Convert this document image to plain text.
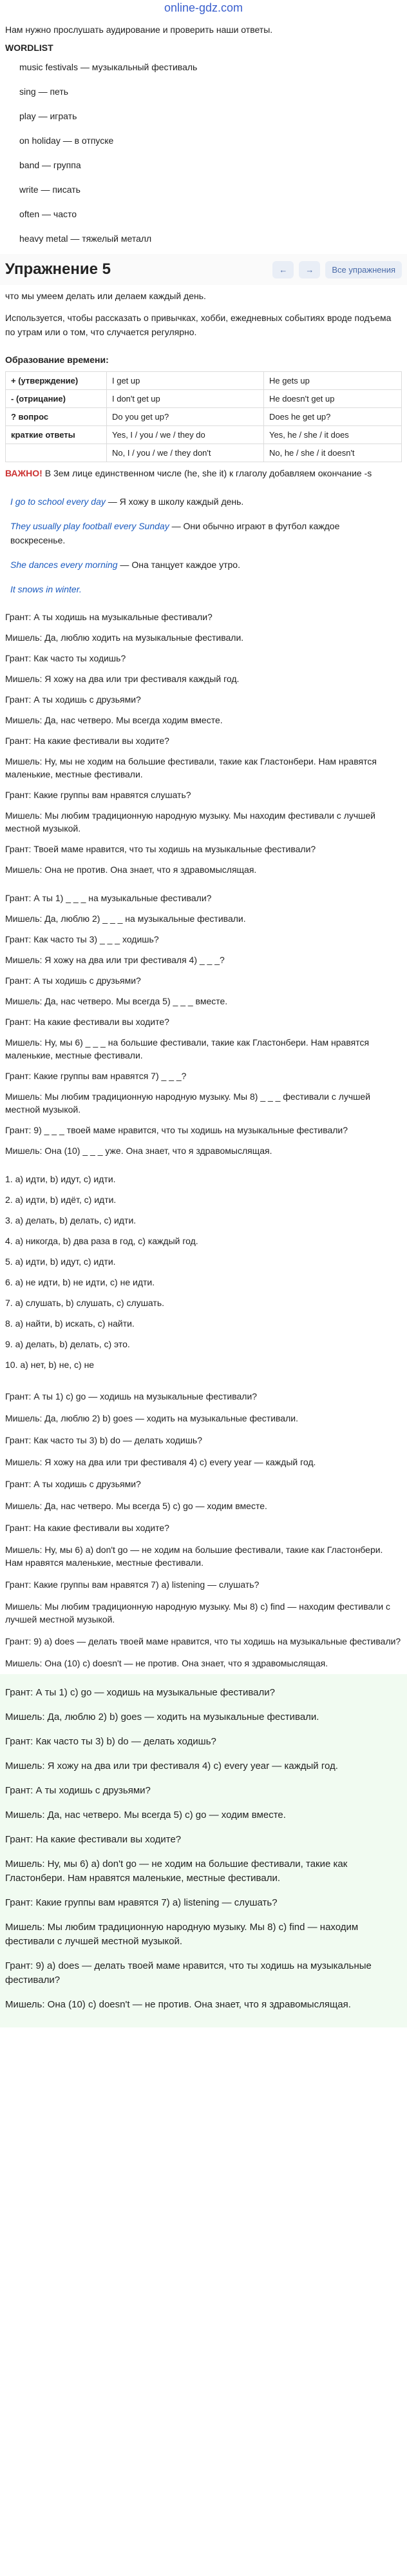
online-gdz.com
Нам нужно прослушать аудирование и проверить наши ответы.
WORDLIST
music festivals — музыкальный фестиваль
sing — петь
play — играть
on holiday — в отпуске
band — группа
write — писать
often — часто
heavy metal — тяжелый металл
Упражнение 5	←	→	Все упражнения
что мы умеем делать или делаем каждый день.
Используется, чтобы рассказать о привычках, хобби, ежедневных событиях вроде подъема по утрам или о том, что случается регулярно.
Образование времени:
+ (утверждение)	I get up	He gets up
- (отрицание)	I don't get up	He doesn't get up
? вопрос	Do you get up?	Does he get up?
краткие ответы	Yes, I / you / we / they do	Yes, he / she / it does
	No, I / you / we / they don't	No, he / she / it doesn't
ВАЖНО! В 3ем лице единственном числе (he, she it) к глаголу добавляем окончание -s
I go to school every day — Я хожу в школу каждый день.
They usually play football every Sunday — Они обычно играют в футбол каждое воскресенье.
She dances every morning — Она танцует каждое утро.
It snows in winter.
Грант: А ты ходишь на музыкальные фестивали?
Мишель: Да, люблю ходить на музыкальные фестивали.
Грант: Как часто ты ходишь?
Мишель: Я хожу на два или три фестиваля каждый год.
Грант: А ты ходишь с друзьями?
Мишель: Да, нас четверо. Мы всегда ходим вместе.
Грант: На какие фестивали вы ходите?
Мишель: Ну, мы не ходим на большие фестивали, такие как Гластонбери. Нам нравятся маленькие, местные фестивали.
Грант: Какие группы вам нравятся слушать?
Мишель: Мы любим традиционную народную музыку. Мы находим фестивали с лучшей местной музыкой.
Грант: Твоей маме нравится, что ты ходишь на музыкальные фестивали?
Мишель: Она не против. Она знает, что я здравомыслящая.
Грант: А ты 1) _ _ _ на музыкальные фестивали?
Мишель: Да, люблю 2) _ _ _ на музыкальные фестивали.
Грант: Как часто ты 3) _ _ _ ходишь?
Мишель: Я хожу на два или три фестиваля 4) _ _ _?
Грант: А ты ходишь с друзьями?
Мишель: Да, нас четверо. Мы всегда 5) _ _ _ вместе.
Грант: На какие фестивали вы ходите?
Мишель: Ну, мы 6) _ _ _ на большие фестивали, такие как Гластонбери. Нам нравятся маленькие, местные фестивали.
Грант: Какие группы вам нравятся 7) _ _ _?
Мишель: Мы любим традиционную народную музыку. Мы 8) _ _ _ фестивали с лучшей местной музыкой.
Грант: 9) _ _ _ твоей маме нравится, что ты ходишь на музыкальные фестивали?
Мишель: Она (10) _ _ _ уже. Она знает, что я здравомыслящая.
1. а) идти, b) идут, c) идти.
2. а) идти, b) идёт, c) идти.
3. а) делать, b) делать, c) идти.
4. а) никогда, b) два раза в год, c) каждый год.
5. а) идти, b) идут, c) идти.
6. а) не идти, b) не идти, c) не идти.
7. а) слушать, b) слушать, c) слушать.
8. а) найти, b) искать, c) найти.
9. а) делать, b) делать, c) это.
10. а) нет, b) не, c) не
Грант: А ты 1) c) go — ходишь на музыкальные фестивали?
Мишель: Да, люблю 2) b) goes — ходить на музыкальные фестивали.
Грант: Как часто ты 3) b) do — делать ходишь?
Мишель: Я хожу на два или три фестиваля 4) c) every year — каждый год.
Грант: А ты ходишь с друзьями?
Мишель: Да, нас четверо. Мы всегда 5) c) go — ходим вместе.
Грант: На какие фестивали вы ходите?
Мишель: Ну, мы 6) a) don't go — не ходим на большие фестивали, такие как Гластонбери. Нам нравятся маленькие, местные фестивали.
Грант: Какие группы вам нравятся 7) a) listening — слушать?
Мишель: Мы любим традиционную народную музыку. Мы 8) c) find — находим фестивали с лучшей местной музыкой.
Грант: 9) a) does — делать твоей маме нравится, что ты ходишь на музыкальные фестивали?
Мишель: Она (10) c) doesn't — не против. Она знает, что я здравомыслящая.
Грант: А ты 1) c) go — ходишь на музыкальные фестивали?
Мишель: Да, люблю 2) b) goes — ходить на музыкальные фестивали.
Грант: Как часто ты 3) b) do — делать ходишь?
Мишель: Я хожу на два или три фестиваля 4) c) every year — каждый год.
Грант: А ты ходишь с друзьями?
Мишель: Да, нас четверо. Мы всегда 5) c) go — ходим вместе.
Грант: На какие фестивали вы ходите?
Мишель: Ну, мы 6) a) don't go — не ходим на большие фестивали, такие как Гластонбери. Нам нравятся маленькие, местные фестивали.
Грант: Какие группы вам нравятся 7) a) listening — слушать?
Мишель: Мы любим традиционную народную музыку. Мы 8) c) find — находим фестивали с лучшей местной музыкой.
Грант: 9) a) does — делать твоей маме нравится, что ты ходишь на музыкальные фестивали?
Мишель: Она (10) c) doesn't — не против. Она знает, что я здравомыслящая.
